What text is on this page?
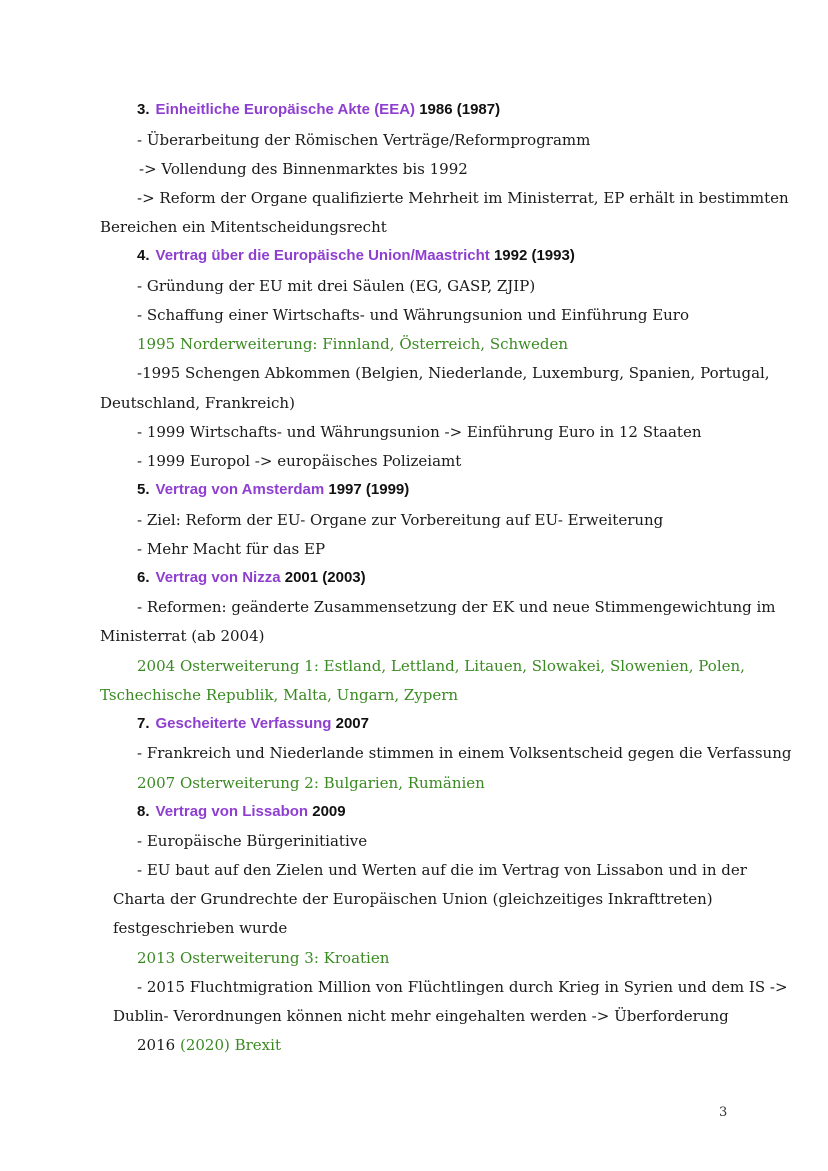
3. Einheitliche Europäische Akte (EEA) 1986 (1987)
- Überarbeitung der Römischen Verträge/Reformprogramm
-> Vollendung des Binnenmarktes bis 1992
-> Reform der Organe qualifizierte Mehrheit im Ministerrat, EP erhält in bestimmten
Bereichen ein Mitentscheidungsrecht
4. Vertrag über die Europäische Union/Maastricht 1992 (1993)
- Gründung der EU mit drei Säulen (EG, GASP, ZJIP)
- Schaffung einer Wirtschafts- und Währungsunion und Einführung Euro
1995 Norderweiterung: Finnland, Österreich, Schweden
-1995 Schengen Abkommen (Belgien, Niederlande, Luxemburg, Spanien, Portugal,
Deutschland, Frankreich)
- 1999 Wirtschafts- und Währungsunion -> Einführung Euro in 12 Staaten
- 1999 Europol -> europäisches Polizeiamt
5. Vertrag von Amsterdam 1997 (1999)
- Ziel: Reform der EU- Organe zur Vorbereitung auf EU- Erweiterung
- Mehr Macht für das EP
6. Vertrag von Nizza 2001 (2003)
- Reformen: geänderte Zusammensetzung der EK und neue Stimmengewichtung im
Ministerrat (ab 2004)
2004 Osterweiterung 1: Estland, Lettland, Litauen, Slowakei, Slowenien, Polen,
Tschechische Republik, Malta, Ungarn, Zypern
7. Gescheiterte Verfassung 2007
- Frankreich und Niederlande stimmen in einem Volksentscheid gegen die Verfassung
2007 Osterweiterung 2: Bulgarien, Rumänien
8. Vertrag von Lissabon 2009
- Europäische Bürgerinitiative
- EU baut auf den Zielen und Werten auf die im Vertrag von Lissabon und in der
Charta der Grundrechte der Europäischen Union (gleichzeitiges Inkrafttreten)
festgeschrieben wurde
2013 Osterweiterung 3: Kroatien
- 2015 Fluchtmigration Million von Flüchtlingen durch Krieg in Syrien und dem IS ->
Dublin- Verordnungen können nicht mehr eingehalten werden -> Überforderung
2016 (2020) Brexit
3
